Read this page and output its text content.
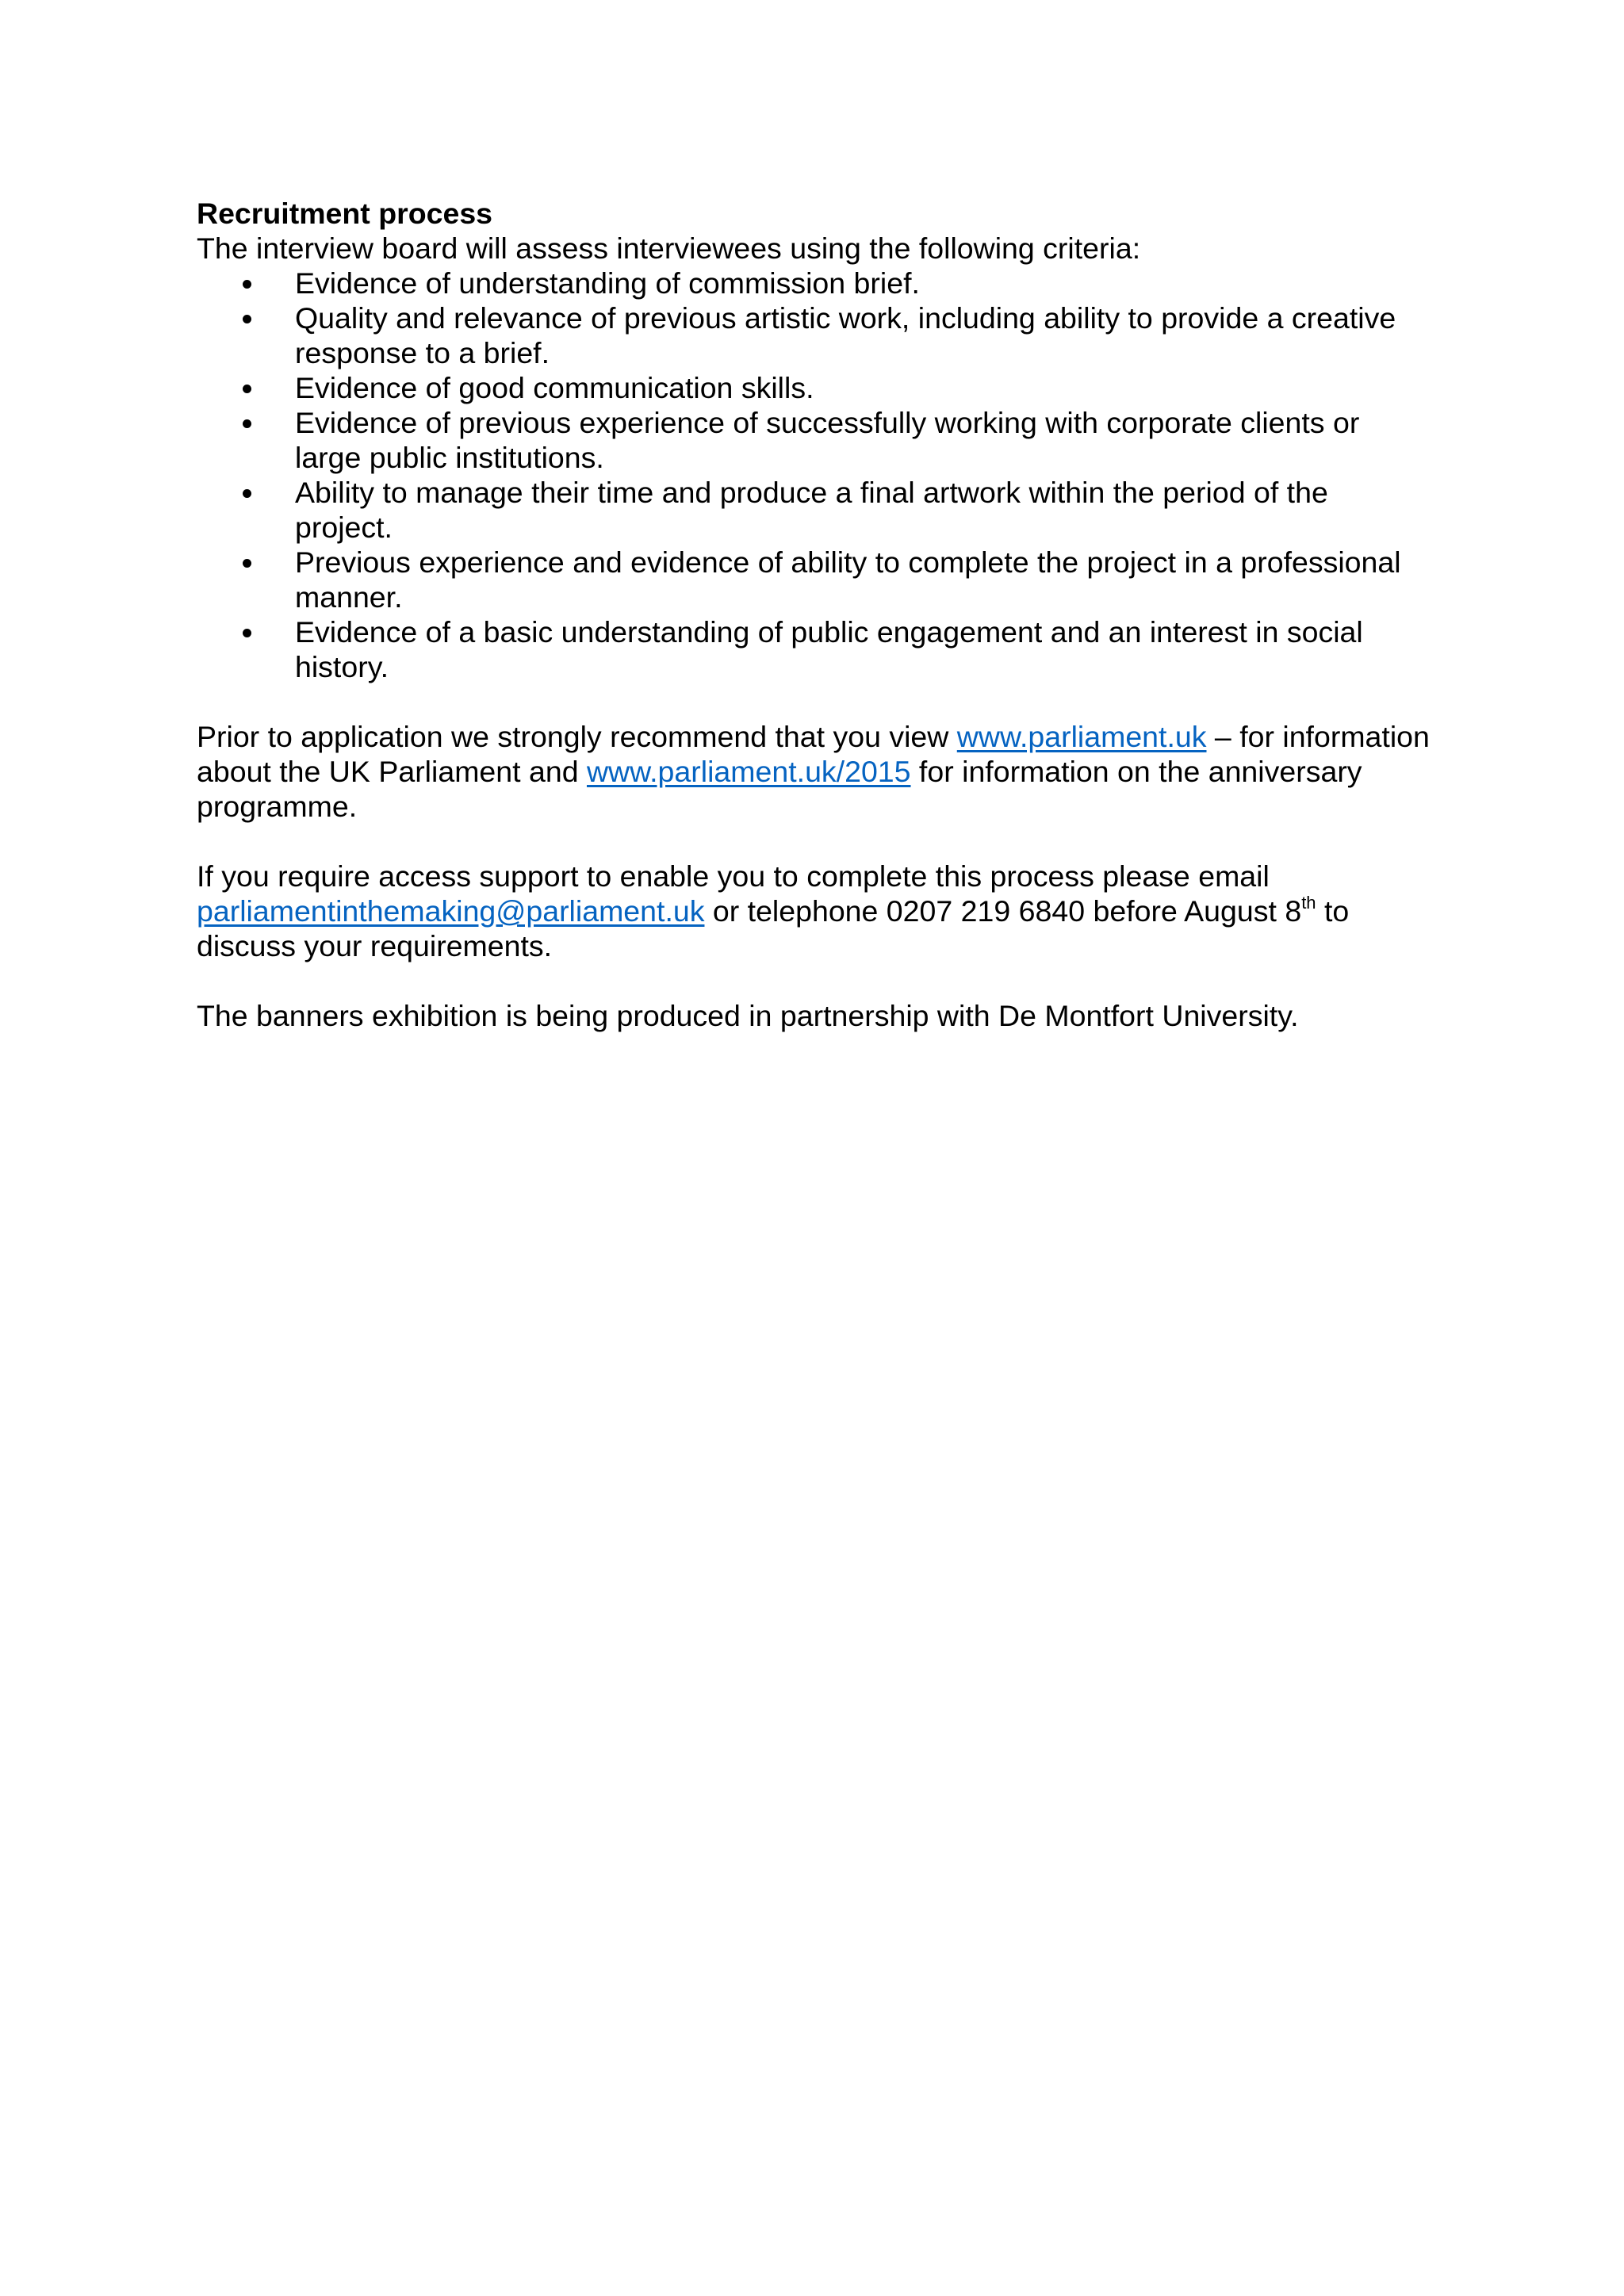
Recruitment process

The interview board will assess interviewees using the following criteria:

Evidence of understanding of commission brief.
Quality and relevance of previous artistic work, including ability to provide a creative response to a brief.
Evidence of good communication skills.
Evidence of previous experience of successfully working with corporate clients or large public institutions.
Ability to manage their time and produce a final artwork within the period of the project.
Previous experience and evidence of ability to complete the project in a professional manner.
Evidence of a basic understanding of public engagement and an interest in social history.

Prior to application we strongly recommend that you view www.parliament.uk – for information about the UK Parliament and www.parliament.uk/2015 for information on the anniversary programme.

If you require access support to enable you to complete this process please email parliamentinthemaking@parliament.uk or telephone 0207 219 6840 before August 8th to discuss your requirements.

The banners exhibition is being produced in partnership with De Montfort University.
